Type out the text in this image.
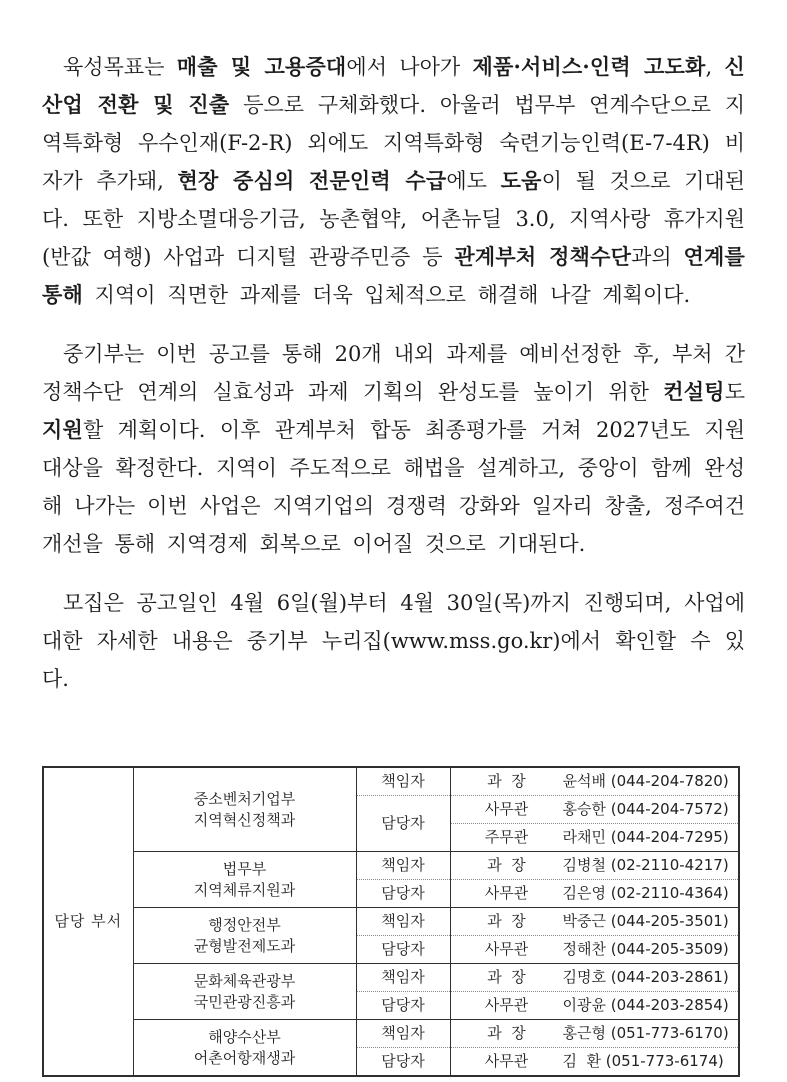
육성목표는 매출 및 고용증대에서 나아가 제품·서비스·인력 고도화, 신산업 전환 및 진출 등으로 구체화했다. 아울러 법무부 연계수단으로 지역특화형 우수인재(F-2-R) 외에도 지역특화형 숙련기능인력(E-7-4R) 비자가 추가돼, 현장 중심의 전문인력 수급에도 도움이 될 것으로 기대된다. 또한 지방소멸대응기금, 농촌협약, 어촌뉴딜 3.0, 지역사랑 휴가지원(반값 여행) 사업과 디지털 관광주민증 등 관계부처 정책수단과의 연계를 통해 지역이 직면한 과제를 더욱 입체적으로 해결해 나갈 계획이다.

중기부는 이번 공고를 통해 20개 내외 과제를 예비선정한 후, 부처 간 정책수단 연계의 실효성과 과제 기획의 완성도를 높이기 위한 컨설팅도 지원할 계획이다. 이후 관계부처 합동 최종평가를 거쳐 2027년도 지원 대상을 확정한다. 지역이 주도적으로 해법을 설계하고, 중앙이 함께 완성해 나가는 이번 사업은 지역기업의 경쟁력 강화와 일자리 창출, 정주여건 개선을 통해 지역경제 회복으로 이어질 것으로 기대된다.

모집은 공고일인 4월 6일(월)부터 4월 30일(목)까지 진행되며, 사업에 대한 자세한 내용은 중기부 누리집(www.mss.go.kr)에서 확인할 수 있다.

담당 부서	
중소벤처기업부
지역혁신정책과
	책임자	과  장	윤석배 (044-204-7820)

		담당자	사무관 홍승한 (044-204-7572)

			주무관 라채민 (044-204-7295)

법무부
지역체류지원과
	책임자	과  장	김병철 (02-2110-4217)

		담당자	사무관 김은영 (02-2110-4364)

행정안전부
균형발전제도과
	책임자	과  장	박중근 (044-205-3501)

		담당자	사무관 정해찬 (044-205-3509)

문화체육관광부
국민관광진흥과
	책임자	과  장	김명호 (044-203-2861)

		담당자	사무관 이광윤 (044-203-2854)

해양수산부
어촌어항재생과
	책임자	과  장	홍근형 (051-773-6170)

		담당자	사무관 김  환 (051-773-6174)
